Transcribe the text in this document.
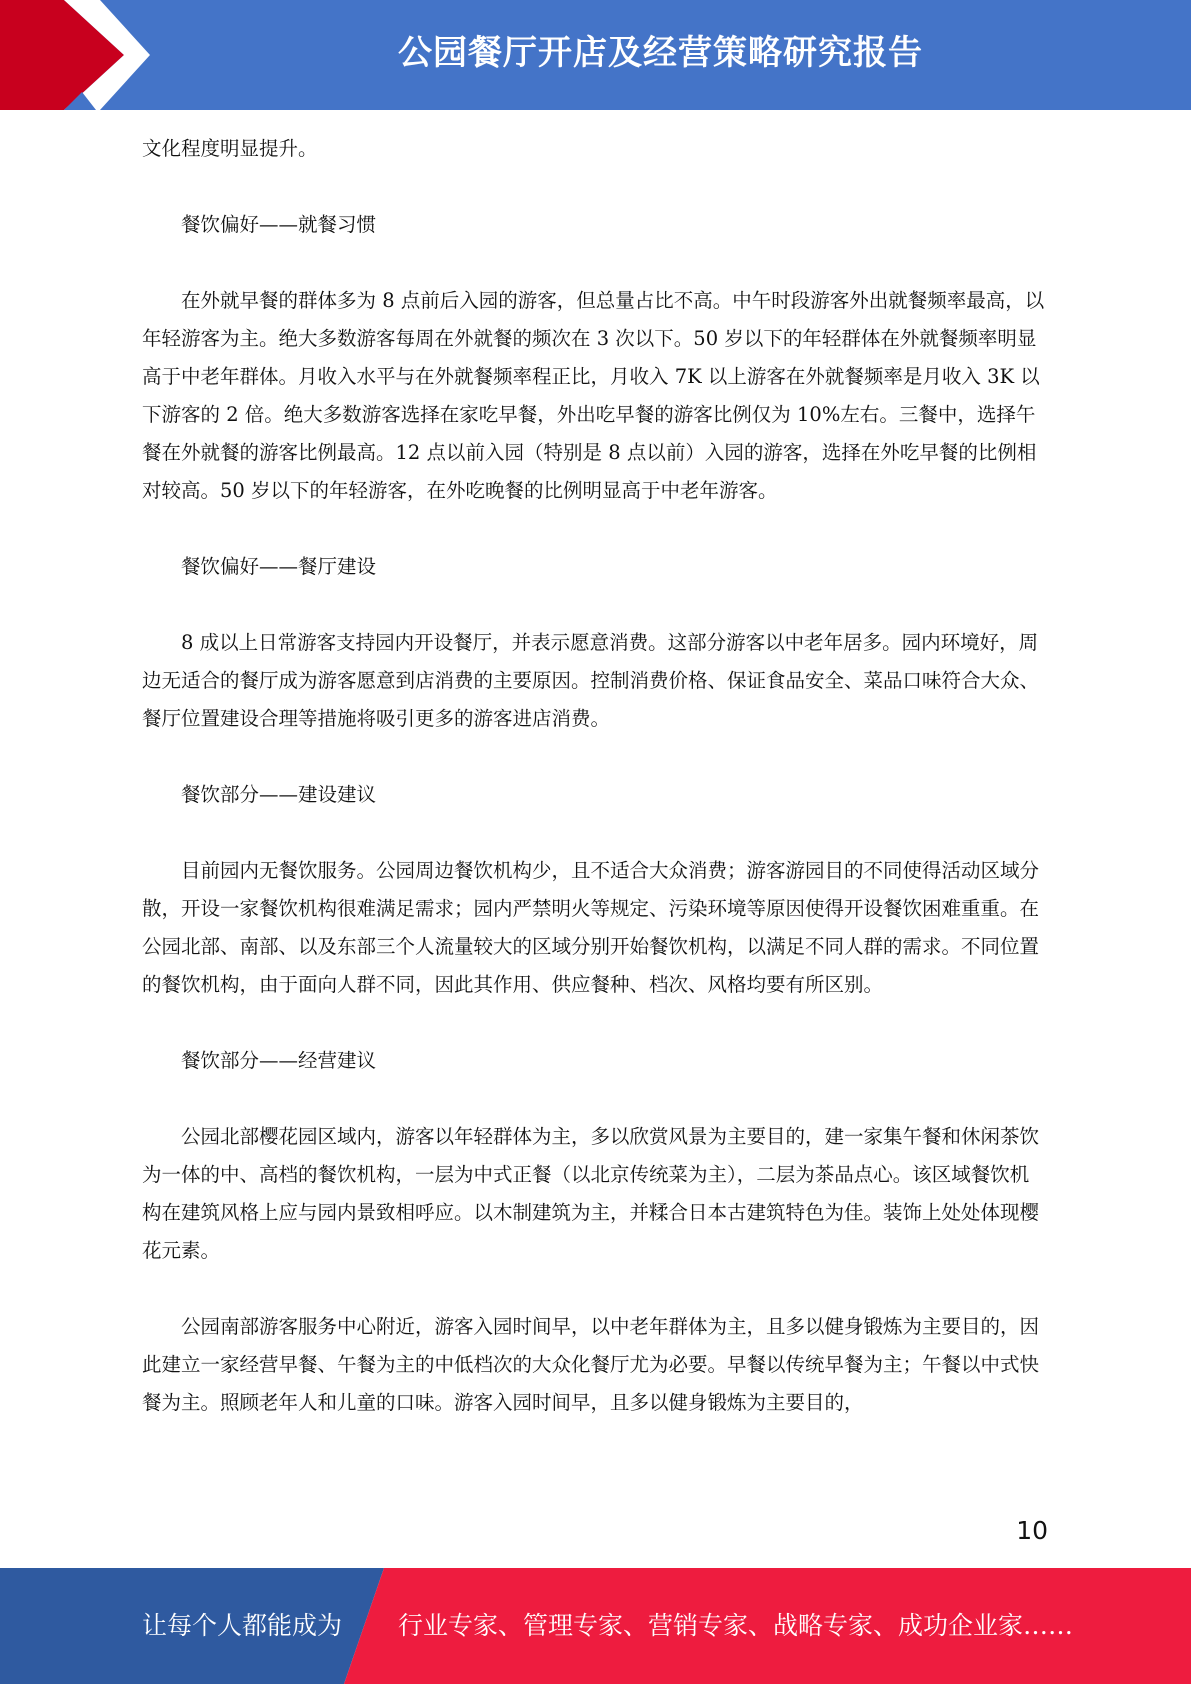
公园餐厅开店及经营策略研究报告

文化程度明显提升。

餐饮偏好——就餐习惯

在外就早餐的群体多为 8 点前后入园的游客，但总量占比不高。中午时段游客外出就餐频率最高，以年轻游客为主。绝大多数游客每周在外就餐的频次在 3 次以下。50 岁以下的年轻群体在外就餐频率明显高于中老年群体。月收入水平与在外就餐频率程正比，月收入 7K 以上游客在外就餐频率是月收入 3K 以下游客的 2 倍。绝大多数游客选择在家吃早餐，外出吃早餐的游客比例仅为 10%左右。三餐中，选择午餐在外就餐的游客比例最高。12 点以前入园（特别是 8 点以前）入园的游客，选择在外吃早餐的比例相对较高。50 岁以下的年轻游客，在外吃晚餐的比例明显高于中老年游客。

餐饮偏好——餐厅建设

8 成以上日常游客支持园内开设餐厅，并表示愿意消费。这部分游客以中老年居多。园内环境好，周边无适合的餐厅成为游客愿意到店消费的主要原因。控制消费价格、保证食品安全、菜品口味符合大众、餐厅位置建设合理等措施将吸引更多的游客进店消费。

餐饮部分——建设建议

目前园内无餐饮服务。公园周边餐饮机构少，且不适合大众消费；游客游园目的不同使得活动区域分散，开设一家餐饮机构很难满足需求；园内严禁明火等规定、污染环境等原因使得开设餐饮困难重重。在公园北部、南部、以及东部三个人流量较大的区域分别开始餐饮机构，以满足不同人群的需求。不同位置的餐饮机构，由于面向人群不同，因此其作用、供应餐种、档次、风格均要有所区别。

餐饮部分——经营建议

公园北部樱花园区域内，游客以年轻群体为主，多以欣赏风景为主要目的，建一家集午餐和休闲茶饮为一体的中、高档的餐饮机构，一层为中式正餐（以北京传统菜为主），二层为茶品点心。该区域餐饮机构在建筑风格上应与园内景致相呼应。以木制建筑为主，并糅合日本古建筑特色为佳。装饰上处处体现樱花元素。

公园南部游客服务中心附近，游客入园时间早，以中老年群体为主，且多以健身锻炼为主要目的，因此建立一家经营早餐、午餐为主的中低档次的大众化餐厅尤为必要。早餐以传统早餐为主；午餐以中式快餐为主。照顾老年人和儿童的口味。游客入园时间早，且多以健身锻炼为主要目的，

10
让每个人都能成为 行业专家、管理专家、营销专家、战略专家、成功企业家……
